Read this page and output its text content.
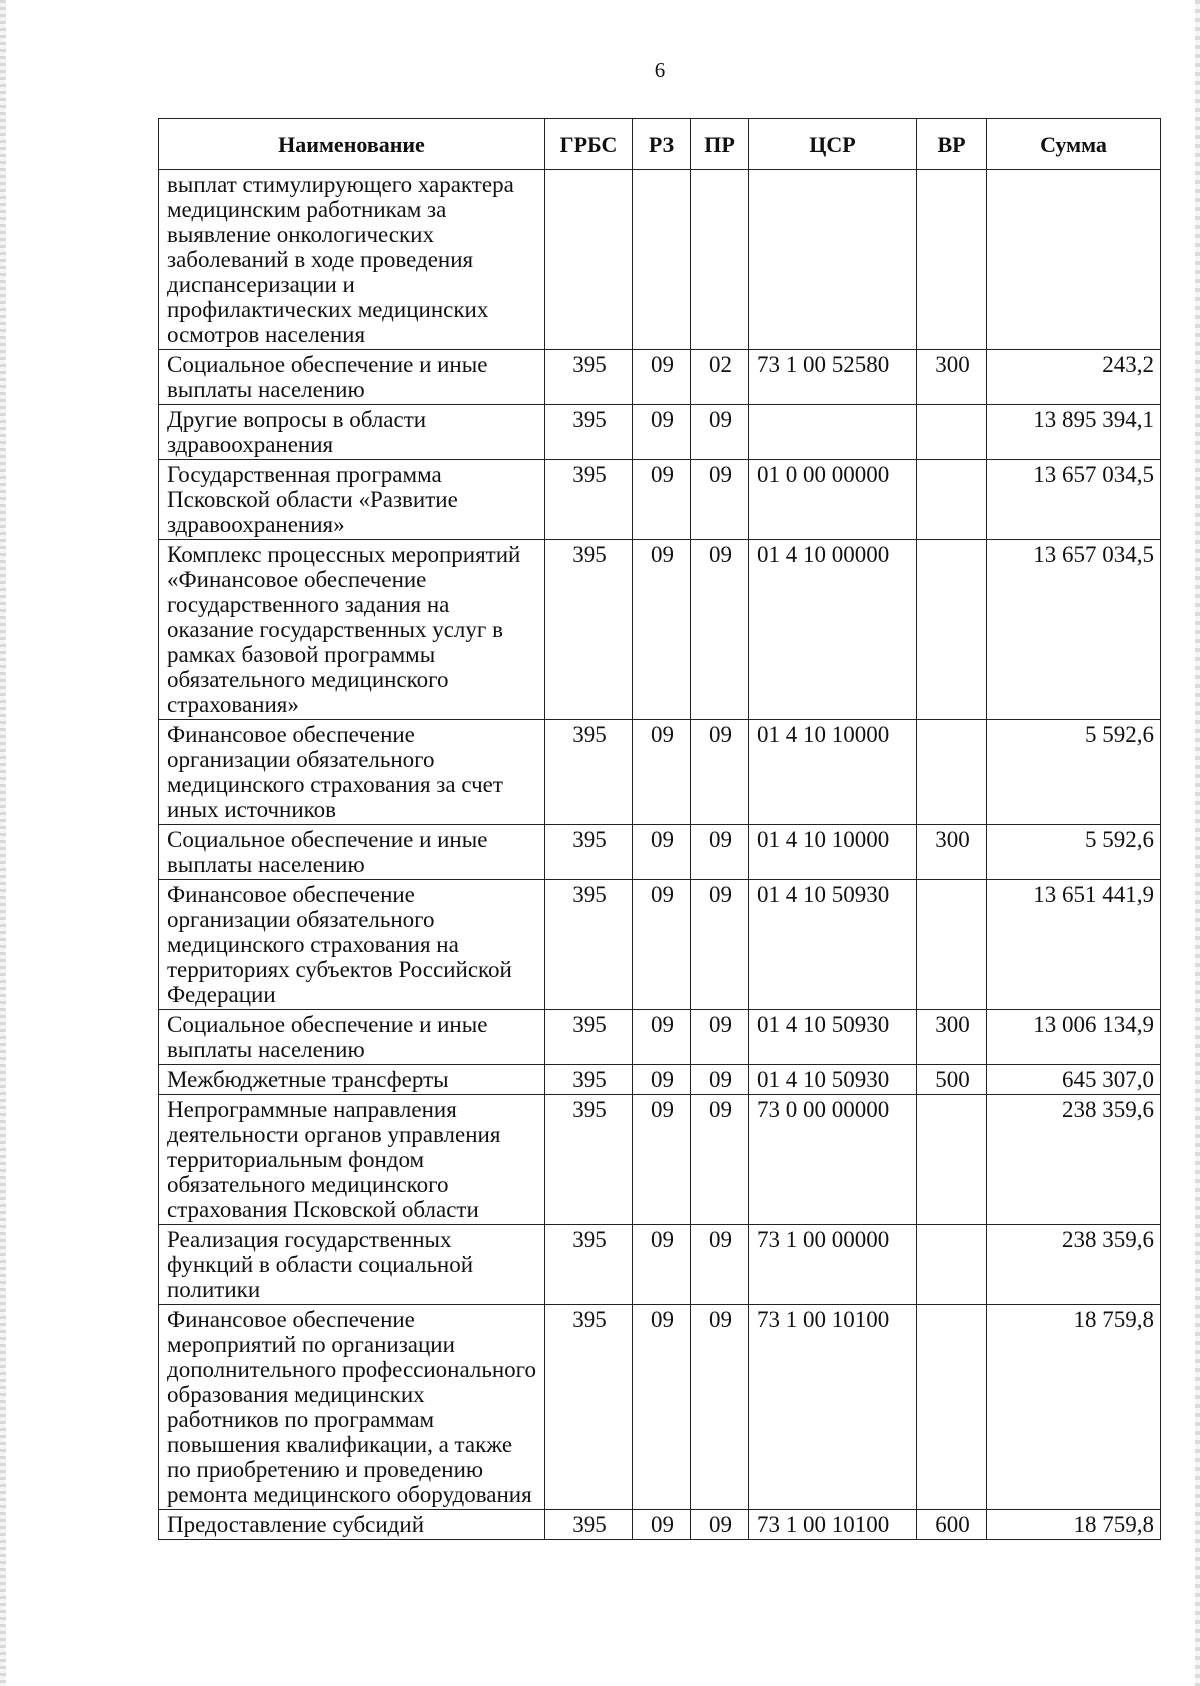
6
Наименование	ГРБС	РЗ	ПР	ЦСР	ВР	Сумма
выплат стимулирующего характера медицинским работникам за выявление онкологических заболеваний в ходе проведения диспансеризации и профилактических медицинских осмотров населения						
Социальное обеспечение и иные выплаты населению	395	09	02	73 1 00 52580	300	243,2
Другие вопросы в области здравоохранения	395	09	09			13 895 394,1
Государственная программа Псковской области «Развитие здравоохранения»	395	09	09	01 0 00 00000		13 657 034,5
Комплекс процессных мероприятий «Финансовое обеспечение государственного задания на оказание государственных услуг в рамках базовой программы обязательного медицинского страхования»	395	09	09	01 4 10 00000		13 657 034,5
Финансовое обеспечение организации обязательного медицинского страхования за счет иных источников	395	09	09	01 4 10 10000		5 592,6
Социальное обеспечение и иные выплаты населению	395	09	09	01 4 10 10000	300	5 592,6
Финансовое обеспечение организации обязательного медицинского страхования на территориях субъектов Российской Федерации	395	09	09	01 4 10 50930		13 651 441,9
Социальное обеспечение и иные выплаты населению	395	09	09	01 4 10 50930	300	13 006 134,9
Межбюджетные трансферты	395	09	09	01 4 10 50930	500	645 307,0
Непрограммные направления деятельности органов управления территориальным фондом обязательного медицинского страхования Псковской области	395	09	09	73 0 00 00000		238 359,6
Реализация государственных функций в области социальной политики	395	09	09	73 1 00 00000		238 359,6
Финансовое обеспечение мероприятий по организации дополнительного профессионального образования медицинских работников по программам повышения квалификации, а также по приобретению и проведению ремонта медицинского оборудования	395	09	09	73 1 00 10100		18 759,8
Предоставление субсидий	395	09	09	73 1 00 10100	600	18 759,8
